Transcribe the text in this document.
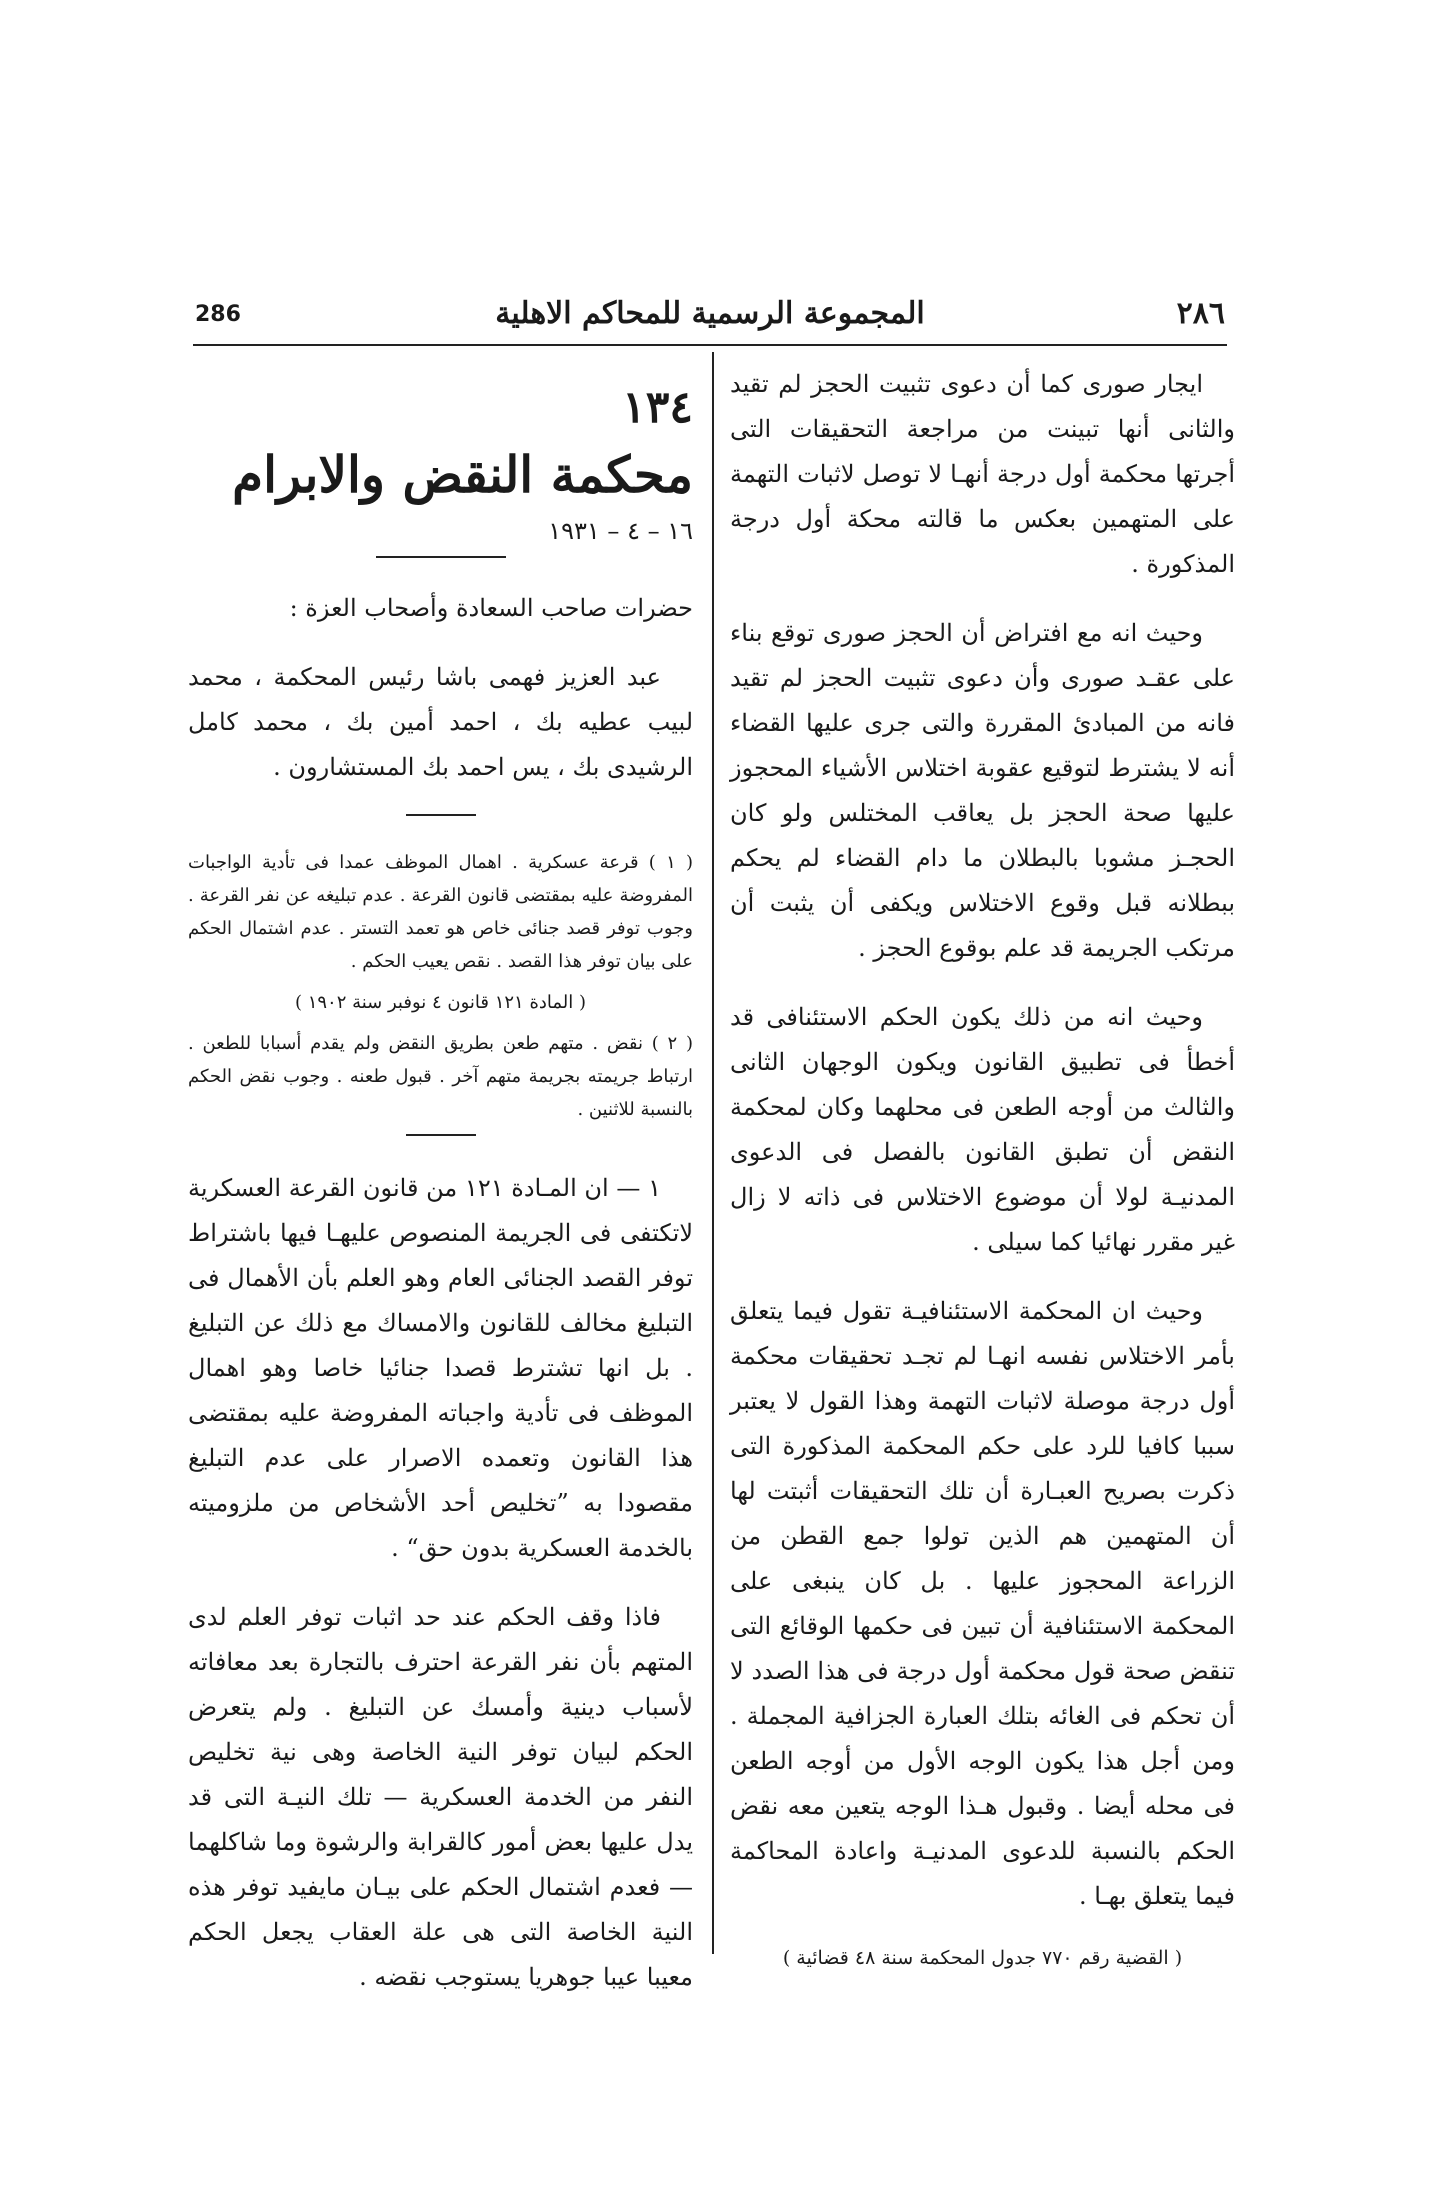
286	المجموعة الرسمية للمحاكم الاهلية	٢٨٦

ايجار صورى كما أن دعوى تثبيت الحجز لم تقيد والثانى أنها تبينت من مراجعة التحقيقات التى أجرتها محكمة أول درجة أنهـا لا توصل لاثبات التهمة على المتهمين بعكس ما قالته محكة أول درجة المذكورة .

وحيث انه مع افتراض أن الحجز صورى توقع بناء على عقـد صورى وأن دعوى تثبيت الحجز لم تقيد فانه من المبادئ المقررة والتى جرى عليها القضاء أنه لا يشترط لتوقيع عقوبة اختلاس الأشياء المحجوز عليها صحة الحجز بل يعاقب المختلس ولو كان الحجـز مشوبا بالبطلان ما دام القضاء لم يحكم ببطلانه قبل وقوع الاختلاس ويكفى أن يثبت أن مرتكب الجريمة قد علم بوقوع الحجز .

وحيث انه من ذلك يكون الحكم الاستئنافى قد أخطأ فى تطبيق القانون ويكون الوجهان الثانى والثالث من أوجه الطعن فى محلهما وكان لمحكمة النقض أن تطبق القانون بالفصل فى الدعوى المدنيـة لولا أن موضوع الاختلاس فى ذاته لا زال غير مقرر نهائيا كما سيلى .

وحيث ان المحكمة الاستئنافيـة تقول فيما يتعلق بأمر الاختلاس نفسه انهـا لم تجـد تحقيقات محكمة أول درجة موصلة لاثبات التهمة وهذا القول لا يعتبر سببا كافيا للرد على حكم المحكمة المذكورة التى ذكرت بصريح العبـارة أن تلك التحقيقات أثبتت لها أن المتهمين هم الذين تولوا جمع القطن من الزراعة المحجوز عليها . بل كان ينبغى على المحكمة الاستئنافية أن تبين فى حكمها الوقائع التى تنقض صحة قول محكمة أول درجة فى هذا الصدد لا أن تحكم فى الغائه بتلك العبارة الجزافية المجملة . ومن أجل هذا يكون الوجه الأول من أوجه الطعن فى محله أيضا . وقبول هـذا الوجه يتعين معه نقض الحكم بالنسبة للدعوى المدنيـة واعادة المحاكمة فيما يتعلق بهـا .

( القضية رقم ٧٧٠ جدول المحكمة سنة ٤٨ قضائية )
١٣٤
محكمة النقض والابرام
١٦ – ٤ – ١٩٣١

حضرات صاحب السعادة وأصحاب العزة :

عبد العزيز فهمى باشا رئيس المحكمة ، محمد لبيب عطيه بك ، احمد أمين بك ، محمد كامل الرشيدى بك ، يس احمد بك المستشارون .

( ١ ) قرعة عسكرية . اهمال الموظف عمدا فى تأدية الواجبات المفروضة عليه بمقتضى قانون القرعة . عدم تبليغه عن نفر القرعة . وجوب توفر قصد جنائى خاص هو تعمد التستر . عدم اشتمال الحكم على بيان توفر هذا القصد . نقص يعيب الحكم .

( المادة ١٢١ قانون ٤ نوفبر سنة ١٩٠٢ )

( ٢ ) نقض . متهم طعن بطريق النقض ولم يقدم أسبابا للطعن . ارتباط جريمته بجريمة متهم آخر . قبول طعنه . وجوب نقض الحكم بالنسبة للاثنين .

١ — ان المـادة ١٢١ من قانون القرعة العسكرية لاتكتفى فى الجريمة المنصوص عليهـا فيها باشتراط توفر القصد الجنائى العام وهو العلم بأن الأهمال فى التبليغ مخالف للقانون والامساك مع ذلك عن التبليغ . بل انها تشترط قصدا جنائيا خاصا وهو اهمال الموظف فى تأدية واجباته المفروضة عليه بمقتضى هذا القانون وتعمده الاصرار على عدم التبليغ مقصودا به ”تخليص أحد الأشخاص من ملزوميته بالخدمة العسكرية بدون حق“ .

فاذا وقف الحكم عند حد اثبات توفر العلم لدى المتهم بأن نفر القرعة احترف بالتجارة بعد معافاته لأسباب دينية وأمسك عن التبليغ . ولم يتعرض الحكم لبيان توفر النية الخاصة وهى نية تخليص النفر من الخدمة العسكرية — تلك النيـة التى قد يدل عليها بعض أمور كالقرابة والرشوة وما شاكلهما — فعدم اشتمال الحكم على بيـان مايفيد توفر هذه النية الخاصة التى هى علة العقاب يجعل الحكم معيبا عيبا جوهريا يستوجب نقضه .
